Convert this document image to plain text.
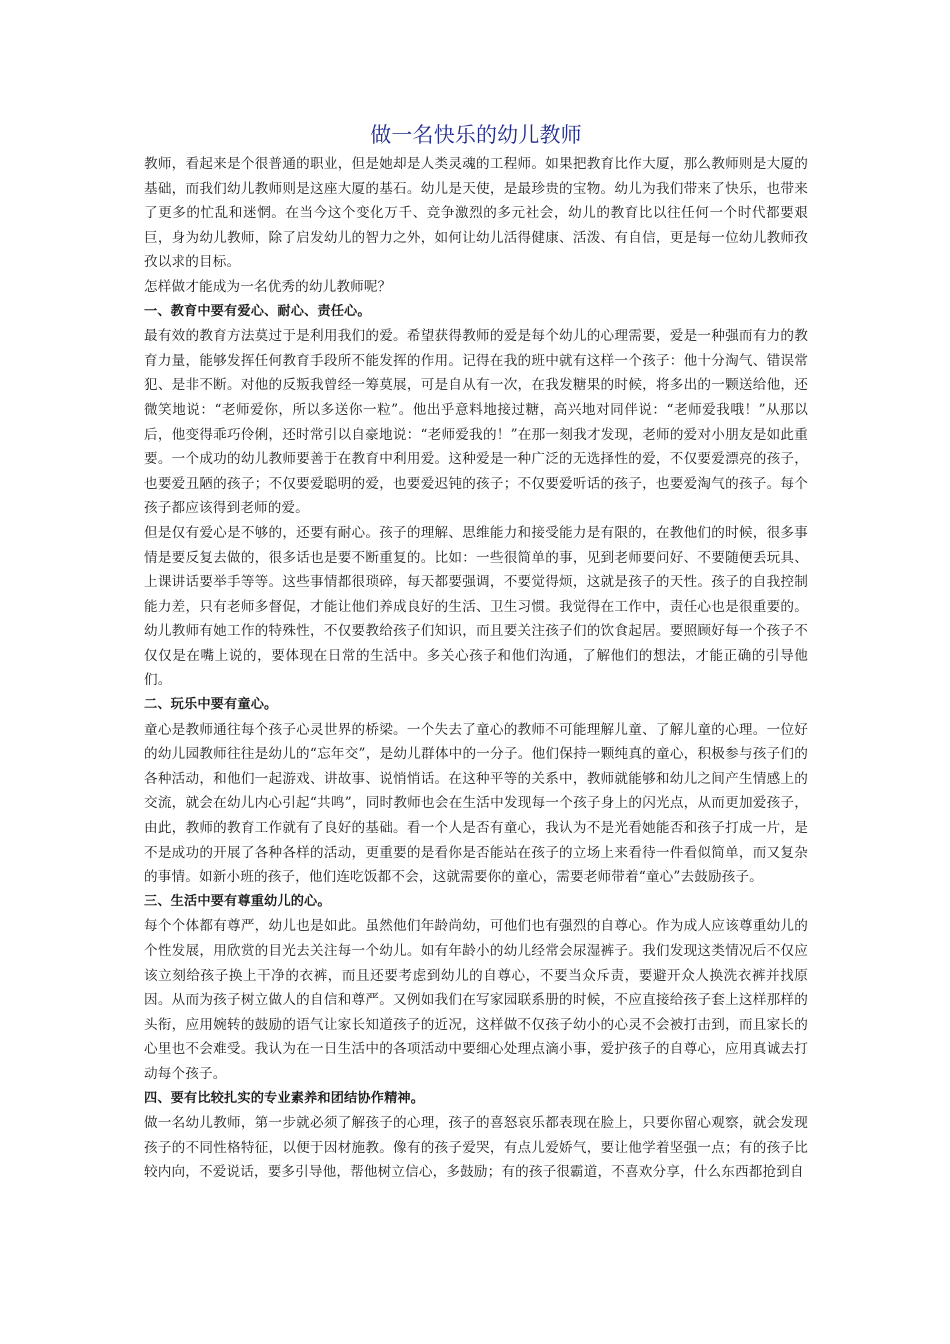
做一名快乐的幼儿教师

教师，看起来是个很普通的职业，但是她却是人类灵魂的工程师。如果把教育比作大厦，那么教师则是大厦的基础，而我们幼儿教师则是这座大厦的基石。幼儿是天使，是最珍贵的宝物。幼儿为我们带来了快乐，也带来了更多的忙乱和迷惘。在当今这个变化万千、竞争激烈的多元社会，幼儿的教育比以往任何一个时代都要艰巨，身为幼儿教师，除了启发幼儿的智力之外，如何让幼儿活得健康、活泼、有自信，更是每一位幼儿教师孜孜以求的目标。

怎样做才能成为一名优秀的幼儿教师呢？

一、教育中要有爱心、耐心、责任心。

最有效的教育方法莫过于是利用我们的爱。希望获得教师的爱是每个幼儿的心理需要，爱是一种强而有力的教育力量，能够发挥任何教育手段所不能发挥的作用。记得在我的班中就有这样一个孩子：他十分淘气、错误常犯、是非不断。对他的反叛我曾经一筹莫展，可是自从有一次，在我发糖果的时候，将多出的一颗送给他，还微笑地说：“老师爱你，所以多送你一粒”。他出乎意料地接过糖，高兴地对同伴说：“老师爱我哦！”从那以后，他变得乖巧伶俐，还时常引以自豪地说：“老师爱我的！”在那一刻我才发现，老师的爱对小朋友是如此重要。一个成功的幼儿教师要善于在教育中利用爱。这种爱是一种广泛的无选择性的爱，不仅要爱漂亮的孩子，也要爱丑陋的孩子；不仅要爱聪明的爱，也要爱迟钝的孩子；不仅要爱听话的孩子，也要爱淘气的孩子。每个孩子都应该得到老师的爱。

但是仅有爱心是不够的，还要有耐心。孩子的理解、思维能力和接受能力是有限的，在教他们的时候，很多事情是要反复去做的，很多话也是要不断重复的。比如：一些很简单的事，见到老师要问好、不要随便丢玩具、上课讲话要举手等等。这些事情都很琐碎，每天都要强调，不要觉得烦，这就是孩子的天性。孩子的自我控制能力差，只有老师多督促，才能让他们养成良好的生活、卫生习惯。我觉得在工作中，责任心也是很重要的。幼儿教师有她工作的特殊性，不仅要教给孩子们知识，而且要关注孩子们的饮食起居。要照顾好每一个孩子不仅仅是在嘴上说的，要体现在日常的生活中。多关心孩子和他们沟通，了解他们的想法，才能正确的引导他们。

二、玩乐中要有童心。

童心是教师通往每个孩子心灵世界的桥梁。一个失去了童心的教师不可能理解儿童、了解儿童的心理。一位好的幼儿园教师往往是幼儿的“忘年交”，是幼儿群体中的一分子。他们保持一颗纯真的童心，积极参与孩子们的各种活动，和他们一起游戏、讲故事、说悄悄话。在这种平等的关系中，教师就能够和幼儿之间产生情感上的交流，就会在幼儿内心引起“共鸣”，同时教师也会在生活中发现每一个孩子身上的闪光点，从而更加爱孩子，由此，教师的教育工作就有了良好的基础。看一个人是否有童心，我认为不是光看她能否和孩子打成一片，是不是成功的开展了各种各样的活动，更重要的是看你是否能站在孩子的立场上来看待一件看似简单，而又复杂的事情。如新小班的孩子，他们连吃饭都不会，这就需要你的童心，需要老师带着“童心”去鼓励孩子。

三、生活中要有尊重幼儿的心。

每个个体都有尊严，幼儿也是如此。虽然他们年龄尚幼，可他们也有强烈的自尊心。作为成人应该尊重幼儿的个性发展，用欣赏的目光去关注每一个幼儿。如有年龄小的幼儿经常会尿湿裤子。我们发现这类情况后不仅应该立刻给孩子换上干净的衣裤，而且还要考虑到幼儿的自尊心，不要当众斥责，要避开众人换洗衣裤并找原因。从而为孩子树立做人的自信和尊严。又例如我们在写家园联系册的时候，不应直接给孩子套上这样那样的头衔，应用婉转的鼓励的语气让家长知道孩子的近况，这样做不仅孩子幼小的心灵不会被打击到，而且家长的心里也不会难受。我认为在一日生活中的各项活动中要细心处理点滴小事，爱护孩子的自尊心，应用真诚去打动每个孩子。

四、要有比较扎实的专业素养和团结协作精神。

做一名幼儿教师，第一步就必须了解孩子的心理，孩子的喜怒哀乐都表现在脸上，只要你留心观察，就会发现孩子的不同性格特征，以便于因材施教。像有的孩子爱哭，有点儿爱娇气，要让他学着坚强一点；有的孩子比较内向，不爱说话，要多引导他，帮他树立信心，多鼓励；有的孩子很霸道，不喜欢分享，什么东西都抢到自
